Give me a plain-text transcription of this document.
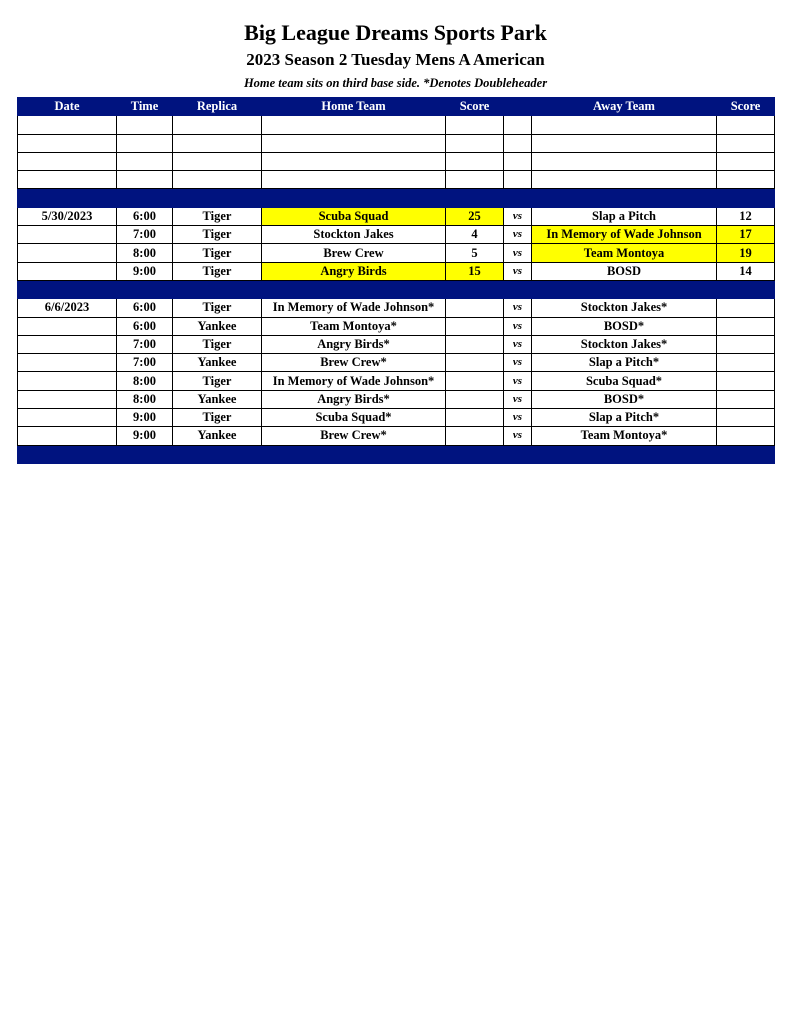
Big League Dreams Sports Park
2023 Season 2 Tuesday Mens A American
Home team sits on third base side. *Denotes Doubleheader
Date	Time	Replica	Home Team	Score		Away Team	Score

5/30/2023	6:00	Tiger	Scuba Squad	25	vs	Slap a Pitch	12
	7:00	Tiger	Stockton Jakes	4	vs	In Memory of Wade Johnson	17
	8:00	Tiger	Brew Crew	5	vs	Team Montoya	19
	9:00	Tiger	Angry Birds	15	vs	BOSD	14

6/6/2023	6:00	Tiger	In Memory of Wade Johnson*		vs	Stockton Jakes*	
	6:00	Yankee	Team Montoya*		vs	BOSD*	
	7:00	Tiger	Angry Birds*		vs	Stockton Jakes*	
	7:00	Yankee	Brew Crew*		vs	Slap a Pitch*	
	8:00	Tiger	In Memory of Wade Johnson*		vs	Scuba Squad*	
	8:00	Yankee	Angry Birds*		vs	BOSD*	
	9:00	Tiger	Scuba Squad*		vs	Slap a Pitch*	
	9:00	Yankee	Brew Crew*		vs	Team Montoya*	
